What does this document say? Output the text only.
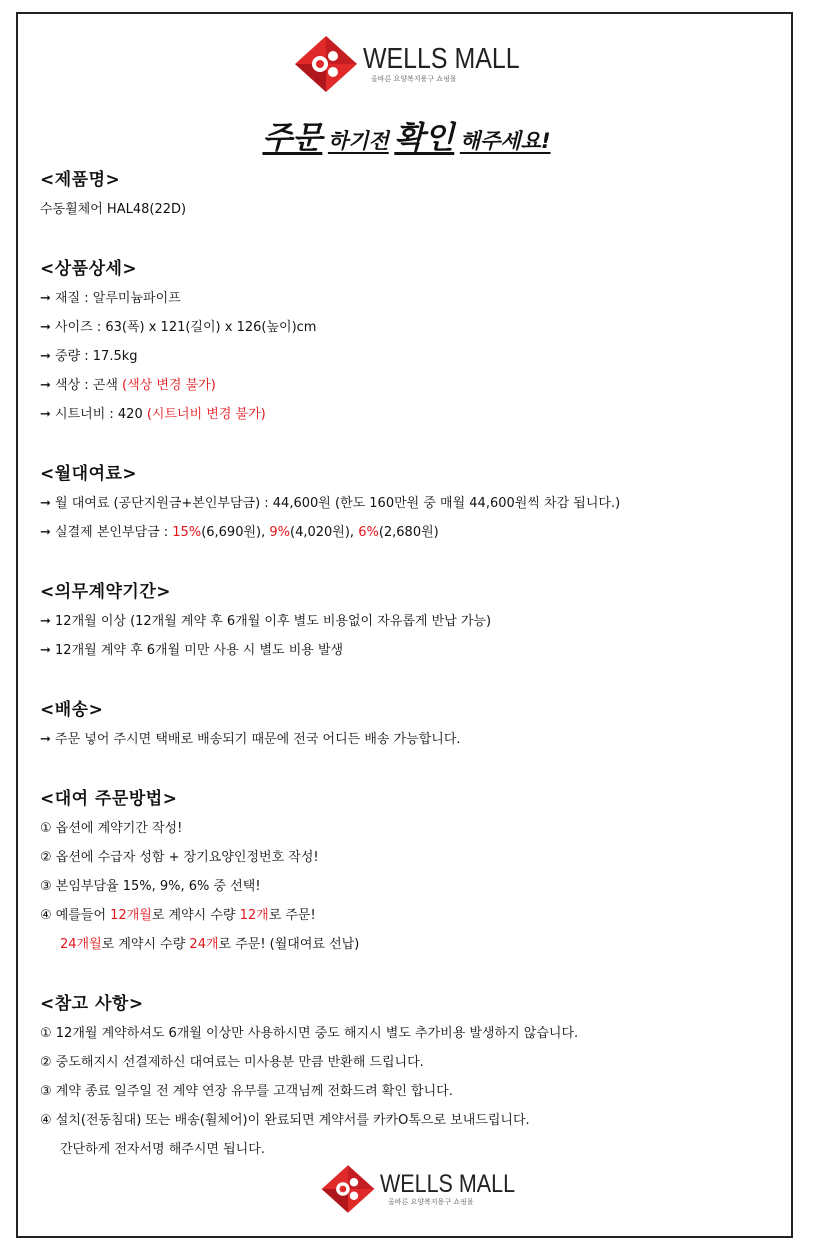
WELLS MALL
올바른 요양복지용구 쇼핑몰
주문 하기전 확인 해주세요!
<제품명>
수동휠체어 HAL48(22D)
<상품상세>
➞ 재질 : 알루미늄파이프
➞ 사이즈 : 63(폭) x 121(길이) x 126(높이)cm
➞ 중량 : 17.5kg
➞ 색상 : 곤색 (색상 변경 불가)
➞ 시트너비 : 420 (시트너비 변경 불가)
<월대여료>
➞ 월 대여료 (공단지원금+본인부담금) : 44,600원 (한도 160만원 중 매월 44,600원씩 차감 됩니다.)
➞ 실결제 본인부담금 : 15%(6,690원), 9%(4,020원), 6%(2,680원)
<의무계약기간>
➞ 12개월 이상 (12개월 계약 후 6개월 이후 별도 비용없이 자유롭게 반납 가능)
➞ 12개월 계약 후 6개월 미만 사용 시 별도 비용 발생
<배송>
➞ 주문 넣어 주시면 택배로 배송되기 때문에 전국 어디든 배송 가능합니다.
<대여 주문방법>
① 옵션에 계약기간 작성!
② 옵션에 수급자 성함 + 장기요양인정번호 작성!
③ 본임부담율 15%, 9%, 6% 중 선택!
④ 예를들어 12개월로 계약시 수량 12개로 주문!
24개월로 계약시 수량 24개로 주문! (월대여료 선납)
<참고 사항>
① 12개월 계약하셔도 6개월 이상만 사용하시면 중도 해지시 별도 추가비용 발생하지 않습니다.
② 중도해지시 선결제하신 대여료는 미사용분 만큼 반환해 드립니다.
③ 계약 종료 일주일 전 계약 연장 유무를 고객님께 전화드려 확인 합니다.
④ 설치(전동침대) 또는 배송(휠체어)이 완료되면 계약서를 카카O톡으로 보내드립니다.
간단하게 전자서명 해주시면 됩니다.
WELLS MALL
올바른 요양복지용구 쇼핑몰
